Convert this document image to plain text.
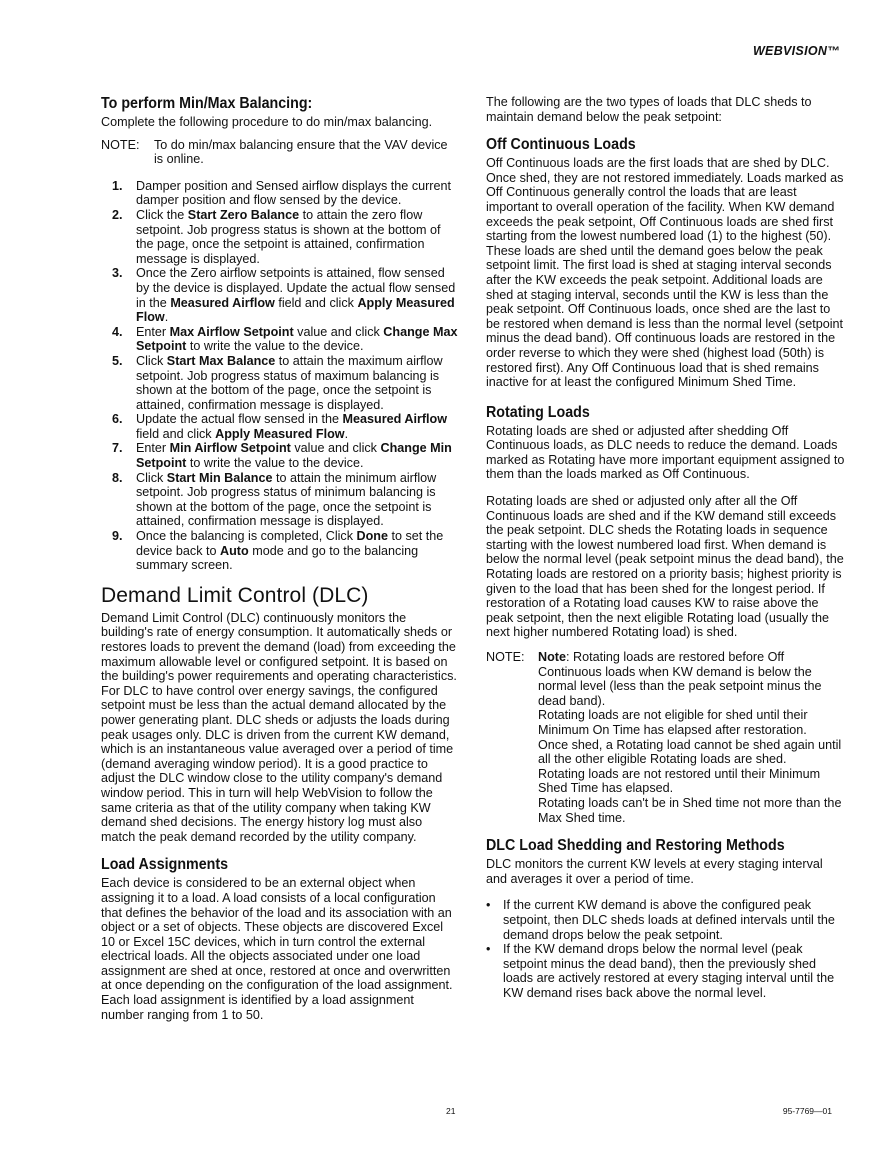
WEBVISION™
To perform Min/Max Balancing:

Complete the following procedure to do min/max balancing.

NOTE:	To do min/max balancing ensure that the VAV device is online.
1.	Damper position and Sensed airflow displays the current damper position and flow sensed by the device.
2.	Click the Start Zero Balance to attain the zero flow setpoint. Job progress status is shown at the bottom of the page, once the setpoint is attained, confirmation message is displayed.
3.	Once the Zero airflow setpoints is attained, flow sensed by the device is displayed. Update the actual flow sensed in the Measured Airflow field and click Apply Measured Flow.
4.	Enter Max Airflow Setpoint value and click Change Max Setpoint to write the value to the device.
5.	Click Start Max Balance to attain the maximum airflow setpoint. Job progress status of maximum balancing is shown at the bottom of the page, once the setpoint is attained, confirmation message is displayed.
6.	Update the actual flow sensed in the Measured Airflow field and click Apply Measured Flow.
7.	Enter Min Airflow Setpoint value and click Change Min Setpoint to write the value to the device.
8.	Click Start Min Balance to attain the minimum airflow setpoint. Job progress status of minimum balancing is shown at the bottom of the page, once the setpoint is attained, confirmation message is displayed.
9.	Once the balancing is completed, Click Done to set the device back to Auto mode and go to the balancing summary screen.
Demand Limit Control (DLC)

Demand Limit Control (DLC) continuously monitors the building's rate of energy consumption. It automatically sheds or restores loads to prevent the demand (load) from exceeding the maximum allowable level or configured setpoint. It is based on the building's power requirements and operating characteristics. For DLC to have control over energy savings, the configured setpoint must be less than the actual demand allocated by the power generating plant. DLC sheds or adjusts the loads during peak usages only. DLC is driven from the current KW demand, which is an instantaneous value averaged over a period of time (demand averaging window period). It is a good practice to adjust the DLC window close to the utility company's demand window period. This in turn will help WebVision to follow the same criteria as that of the utility company when taking KW demand shed decisions. The energy history log must also match the peak demand recorded by the utility company.

Load Assignments

Each device is considered to be an external object when assigning it to a load. A load consists of a local configuration that defines the behavior of the load and its association with an object or a set of objects. These objects are discovered Excel 10 or Excel 15C devices, which in turn control the external electrical loads. All the objects associated under one load assignment are shed at once, restored at once and overwritten at once depending on the configuration of the load assignment. Each load assignment is identified by a load assignment number ranging from 1 to 50.

The following are the two types of loads that DLC sheds to maintain demand below the peak setpoint:

Off Continuous Loads

Off Continuous loads are the first loads that are shed by DLC. Once shed, they are not restored immediately. Loads marked as Off Continuous generally control the loads that are least important to overall operation of the facility. When KW demand exceeds the peak setpoint, Off Continuous loads are shed first starting from the lowest numbered load (1) to the highest (50). These loads are shed until the demand goes below the peak setpoint limit. The first load is shed at staging interval seconds after the KW exceeds the peak setpoint. Additional loads are shed at staging interval, seconds until the KW is less than the peak setpoint. Off Continuous loads, once shed are the last to be restored when demand is less than the normal level (setpoint minus the dead band). Off continuous loads are restored in the order reverse to which they were shed (highest load (50th) is restored first). Any Off Continuous load that is shed remains inactive for at least the configured Minimum Shed Time.

Rotating Loads

Rotating loads are shed or adjusted after shedding Off Continuous loads, as DLC needs to reduce the demand. Loads marked as Rotating have more important equipment assigned to them than the loads marked as Off Continuous.

Rotating loads are shed or adjusted only after all the Off Continuous loads are shed and if the KW demand still exceeds the peak setpoint. DLC sheds the Rotating loads in sequence starting with the lowest numbered load first. When demand is below the normal level (peak setpoint minus the dead band), the Rotating loads are restored on a priority basis; highest priority is given to the load that has been shed for the longest period. If restoration of a Rotating load causes KW to raise above the peak setpoint, then the next eligible Rotating load (usually the next higher numbered Rotating load) is shed.

NOTE:	Note: Rotating loads are restored before Off Continuous loads when KW demand is below the normal level (less than the peak setpoint minus the dead band).
Rotating loads are not eligible for shed until their Minimum On Time has elapsed after restoration.
Once shed, a Rotating load cannot be shed again until all the other eligible Rotating loads are shed.
Rotating loads are not restored until their Minimum Shed Time has elapsed.
Rotating loads can't be in Shed time not more than the Max Shed time.
DLC Load Shedding and Restoring Methods

DLC monitors the current KW levels at every staging interval and averages it over a period of time.

• If the current KW demand is above the configured peak setpoint, then DLC sheds loads at defined intervals until the demand drops below the peak setpoint.
• If the KW demand drops below the normal level (peak setpoint minus the dead band), then the previously shed loads are actively restored at every staging interval until the KW demand rises back above the normal level.
21	95-7769—01
